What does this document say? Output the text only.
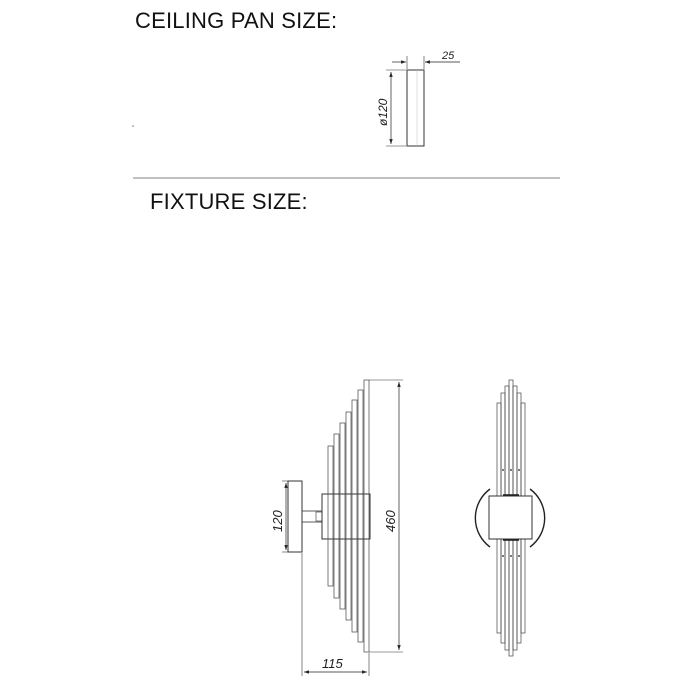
CEILING PAN SIZE:
FIXTURE SIZE:
25
ø120
120	460
115
